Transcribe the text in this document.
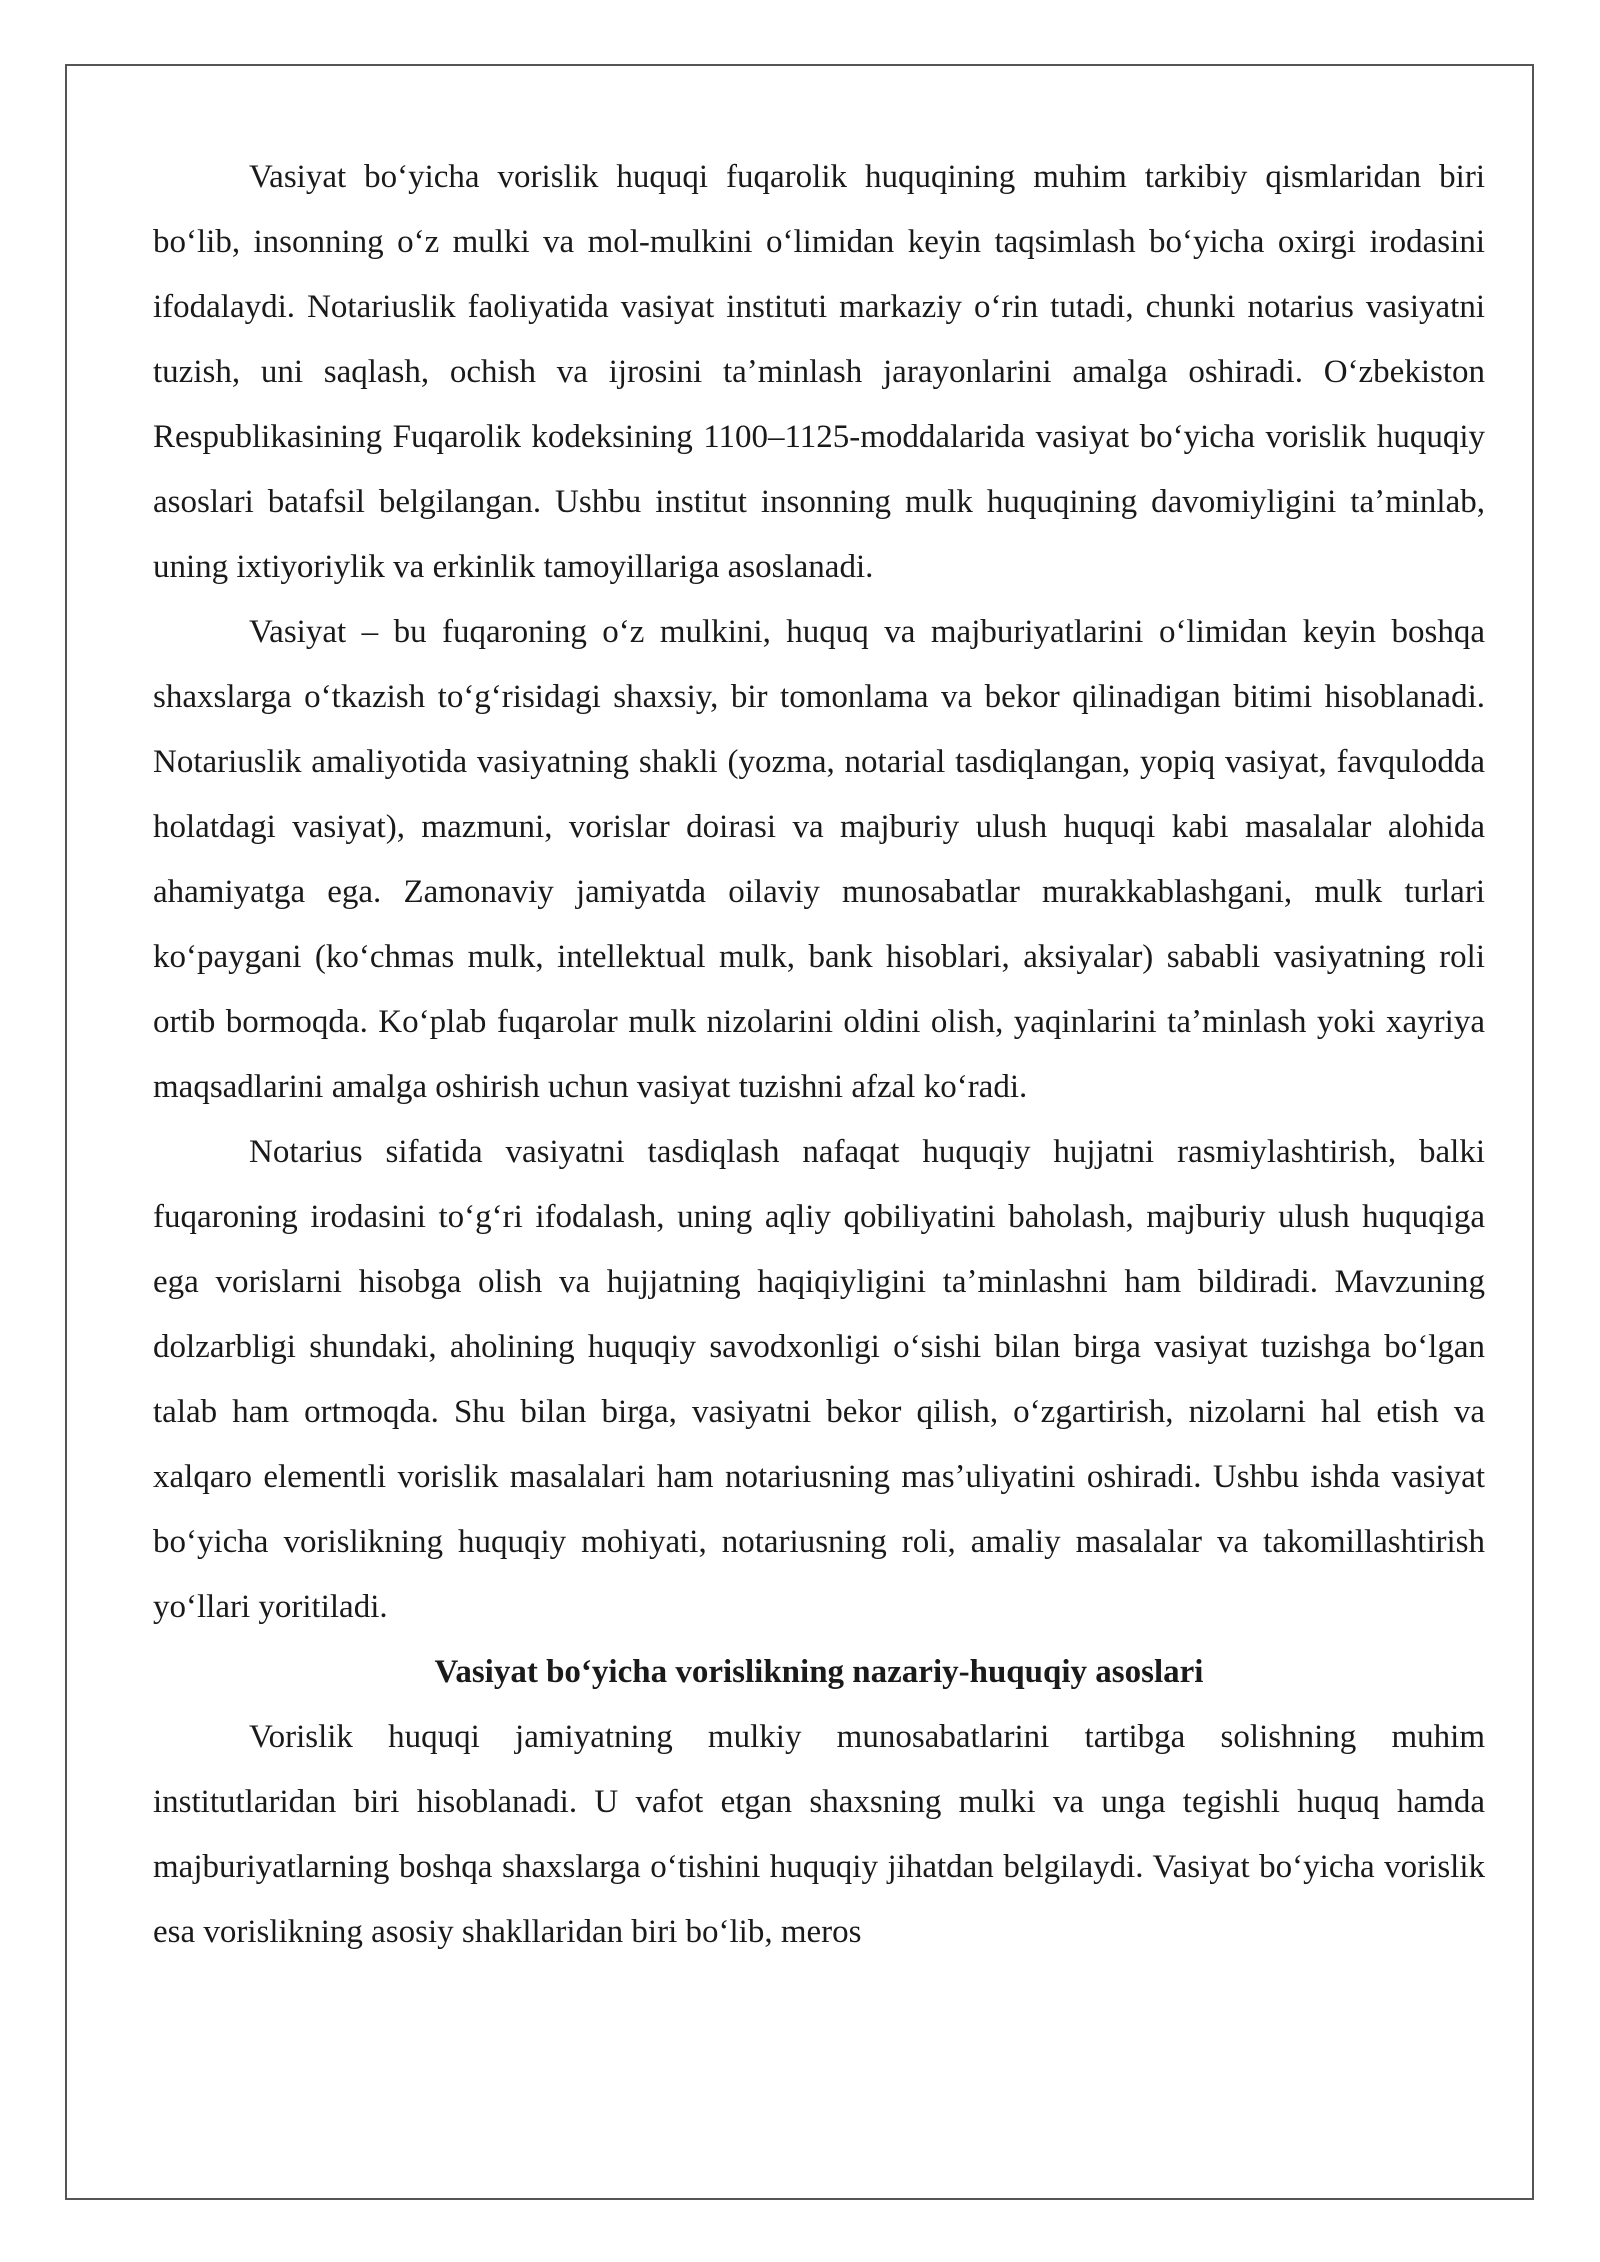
Vasiyat boʻyicha vorislik huquqi fuqarolik huquqining muhim tarkibiy qismlaridan biri boʻlib, insonning oʻz mulki va mol-mulkini oʻlimidan keyin taqsimlash boʻyicha oxirgi irodasini ifodalaydi. Notariuslik faoliyatida vasiyat instituti markaziy oʻrin tutadi, chunki notarius vasiyatni tuzish, uni saqlash, ochish va ijrosini taʼminlash jarayonlarini amalga oshiradi. Oʻzbekiston Respublikasining Fuqarolik kodeksining 1100–1125-moddalarida vasiyat boʻyicha vorislik huquqiy asoslari batafsil belgilangan. Ushbu institut insonning mulk huquqining davomiyligini taʼminlab, uning ixtiyoriylik va erkinlik tamoyillariga asoslanadi.

Vasiyat – bu fuqaroning oʻz mulkini, huquq va majburiyatlarini oʻlimidan keyin boshqa shaxslarga oʻtkazish toʻgʻrisidagi shaxsiy, bir tomonlama va bekor qilinadigan bitimi hisoblanadi. Notariuslik amaliyotida vasiyatning shakli (yozma, notarial tasdiqlangan, yopiq vasiyat, favqulodda holatdagi vasiyat), mazmuni, vorislar doirasi va majburiy ulush huquqi kabi masalalar alohida ahamiyatga ega. Zamonaviy jamiyatda oilaviy munosabatlar murakkablashgani, mulk turlari koʻpaygani (koʻchmas mulk, intellektual mulk, bank hisoblari, aksiyalar) sababli vasiyatning roli ortib bormoqda. Koʻplab fuqarolar mulk nizolarini oldini olish, yaqinlarini taʼminlash yoki xayriya maqsadlarini amalga oshirish uchun vasiyat tuzishni afzal koʻradi.

Notarius sifatida vasiyatni tasdiqlash nafaqat huquqiy hujjatni rasmiylashtirish, balki fuqaroning irodasini toʻgʻri ifodalash, uning aqliy qobiliyatini baholash, majburiy ulush huquqiga ega vorislarni hisobga olish va hujjatning haqiqiyligini taʼminlashni ham bildiradi. Mavzuning dolzarbligi shundaki, aholining huquqiy savodxonligi oʻsishi bilan birga vasiyat tuzishga boʻlgan talab ham ortmoqda. Shu bilan birga, vasiyatni bekor qilish, oʻzgartirish, nizolarni hal etish va xalqaro elementli vorislik masalalari ham notariusning masʼuliyatini oshiradi. Ushbu ishda vasiyat boʻyicha vorislikning huquqiy mohiyati, notariusning roli, amaliy masalalar va takomillashtirish yoʻllari yoritiladi.

Vasiyat boʻyicha vorislikning nazariy-huquqiy asoslari

Vorislik huquqi jamiyatning mulkiy munosabatlarini tartibga solishning muhim institutlaridan biri hisoblanadi. U vafot etgan shaxsning mulki va unga tegishli huquq hamda majburiyatlarning boshqa shaxslarga oʻtishini huquqiy jihatdan belgilaydi. Vasiyat boʻyicha vorislik esa vorislikning asosiy shakllaridan biri boʻlib, meros
